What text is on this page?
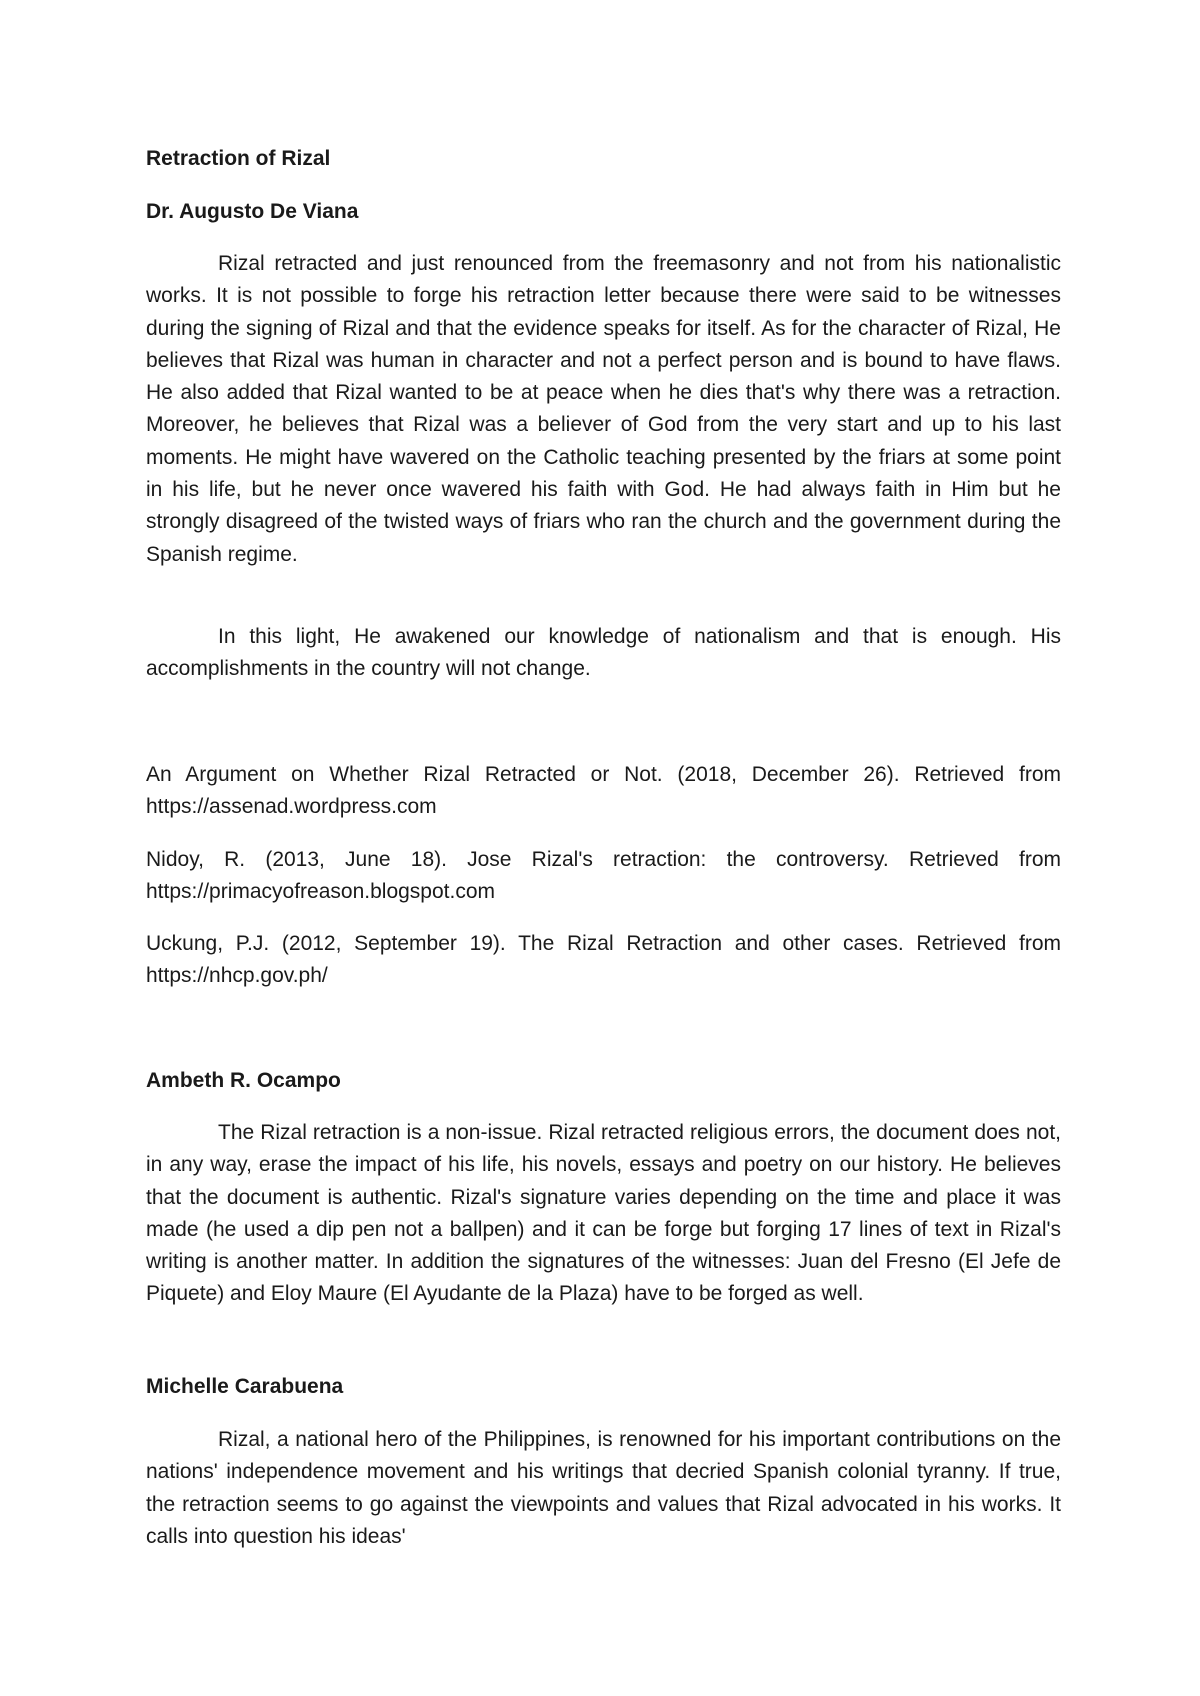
Retraction of Rizal

Dr. Augusto De Viana

Rizal retracted and just renounced from the freemasonry and not from his nationalistic works. It is not possible to forge his retraction letter because there were said to be witnesses during the signing of Rizal and that the evidence speaks for itself. As for the character of Rizal, He believes that Rizal was human in character and not a perfect person and is bound to have flaws. He also added that Rizal wanted to be at peace when he dies that's why there was a retraction. Moreover, he believes that Rizal was a believer of God from the very start and up to his last moments. He might have wavered on the Catholic teaching presented by the friars at some point in his life, but he never once wavered his faith with God. He had always faith in Him but he strongly disagreed of the twisted ways of friars who ran the church and the government during the Spanish regime.

In this light, He awakened our knowledge of nationalism and that is enough. His accomplishments in the country will not change.

An Argument on Whether Rizal Retracted or Not. (2018, December 26). Retrieved from https://assenad.wordpress.com

Nidoy, R. (2013, June 18). Jose Rizal's retraction: the controversy. Retrieved from https://primacyofreason.blogspot.com

Uckung, P.J. (2012, September 19). The Rizal Retraction and other cases. Retrieved from https://nhcp.gov.ph/

Ambeth R. Ocampo

The Rizal retraction is a non-issue. Rizal retracted religious errors, the document does not, in any way, erase the impact of his life, his novels, essays and poetry on our history. He believes that the document is authentic. Rizal's signature varies depending on the time and place it was made (he used a dip pen not a ballpen) and it can be forge but forging 17 lines of text in Rizal's writing is another matter. In addition the signatures of the witnesses: Juan del Fresno (El Jefe de Piquete) and Eloy Maure (El Ayudante de la Plaza) have to be forged as well.

Michelle Carabuena

Rizal, a national hero of the Philippines, is renowned for his important contributions on the nations' independence movement and his writings that decried Spanish colonial tyranny. If true, the retraction seems to go against the viewpoints and values that Rizal advocated in his works. It calls into question his ideas'
